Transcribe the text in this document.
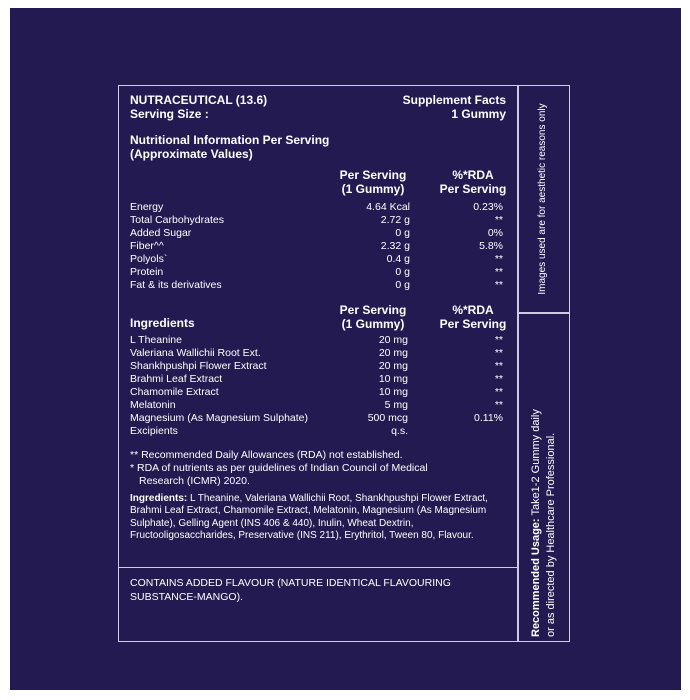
NUTRACEUTICAL (13.6)
Serving Size :
Supplement Facts
1 Gummy
Nutritional Information Per Serving
(Approximate Values)
Per Serving
(1 Gummy)
%*RDA
Per Serving
Energy	4.64 Kcal	0.23%
Total Carbohydrates	2.72 g	**
Added Sugar	0 g	0%
Fiber^^	2.32 g	5.8%
Polyols`	0.4 g	**
Protein	0 g	**
Fat & its derivatives	0 g	**
Per Serving
(1 Gummy)
%*RDA
Per Serving
Ingredients
L Theanine	20 mg	**
Valeriana Wallichii Root Ext.	20 mg	**
Shankhpushpi Flower Extract	20 mg	**
Brahmi Leaf Extract	10 mg	**
Chamomile Extract	10 mg	**
Melatonin	5 mg	**
Magnesium (As Magnesium Sulphate)	500 mcg	0.11%
Excipients	q.s.
** Recommended Daily Allowances (RDA) not established.
* RDA of nutrients as per guidelines of Indian Council of Medical
Research (ICMR) 2020.
Ingredients: L Theanine, Valeriana Wallichii Root, Shankhpushpi Flower Extract, Brahmi Leaf Extract, Chamomile Extract, Melatonin, Magnesium (As Magnesium Sulphate), Gelling Agent (INS 406 & 440), Inulin, Wheat Dextrin, Fructooligosaccharides, Preservative (INS 211), Erythritol, Tween 80, Flavour.
CONTAINS ADDED FLAVOUR (NATURE IDENTICAL FLAVOURING
SUBSTANCE-MANGO).
Images used are for aesthetic reasons only
Recommended Usage: Take1-2 Gummy daily or as directed by Healthcare Professional.
